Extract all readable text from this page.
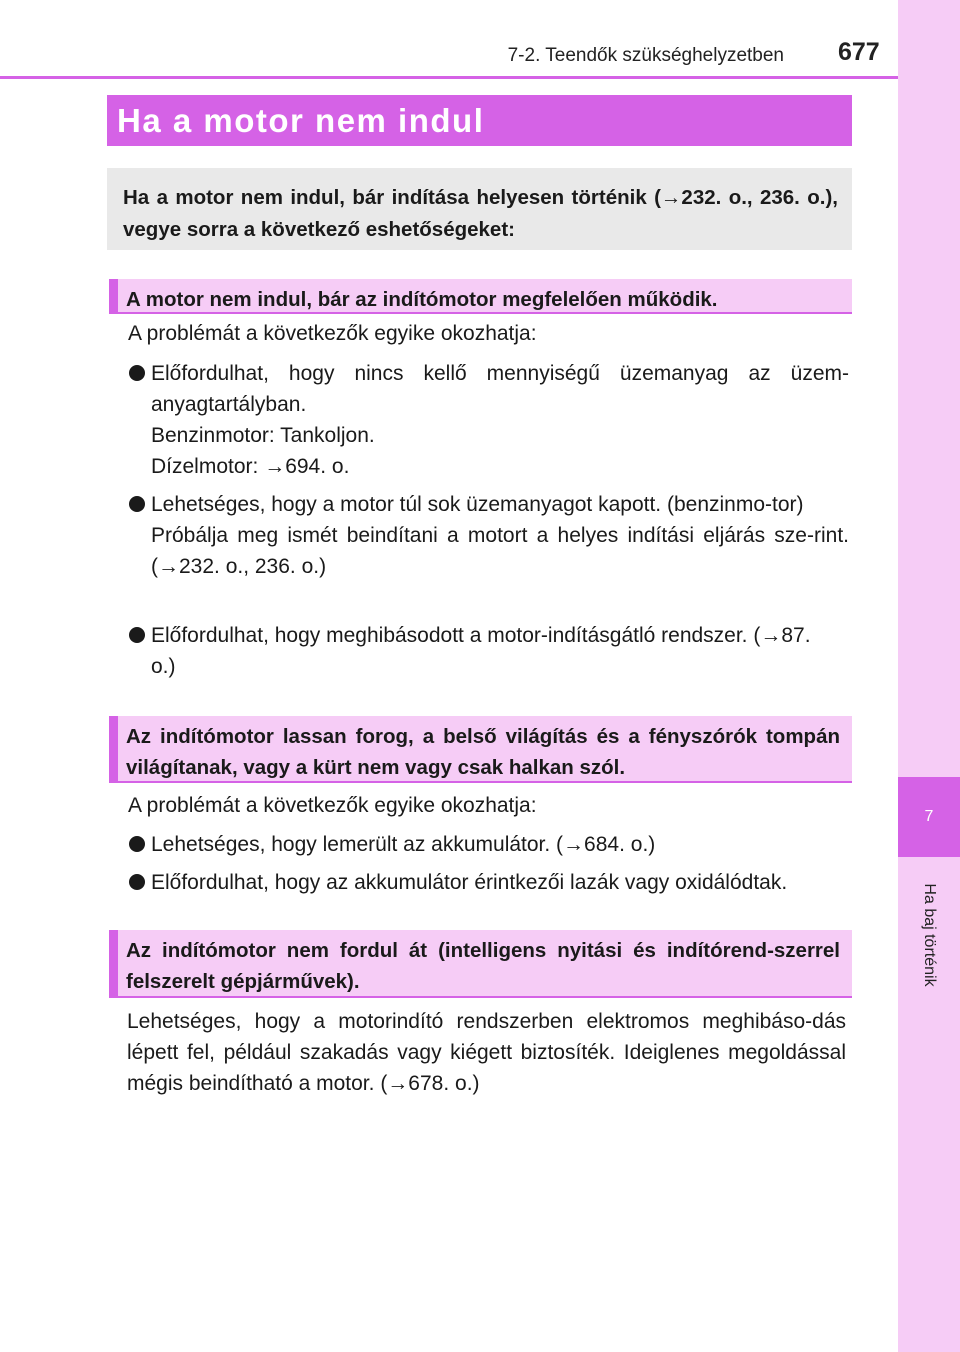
7
Ha baj történik
7-2. Teendők szükséghelyzetben 677
Ha a motor nem indul
Ha a motor nem indul, bár indítása helyesen történik (→232. o., 236. o.), vegye sorra a következő eshetőségeket:
A motor nem indul, bár az indítómotor megfelelően működik.
A problémát a következők egyike okozhatja:
Előfordulhat, hogy nincs kellő mennyiségű üzemanyag az üzem-anyagtartályban.
Benzinmotor: Tankoljon.
Dízelmotor: →694. o.
Lehetséges, hogy a motor túl sok üzemanyagot kapott. (benzinmo-tor)
Próbálja meg ismét beindítani a motort a helyes indítási eljárás sze-rint. (→232. o., 236. o.)
Előfordulhat, hogy meghibásodott a motor-indításgátló rendszer. (→87. o.)
Az indítómotor lassan forog, a belső világítás és a fényszórók tompán világítanak, vagy a kürt nem vagy csak halkan szól.
A problémát a következők egyike okozhatja:
Lehetséges, hogy lemerült az akkumulátor. (→684. o.)
Előfordulhat, hogy az akkumulátor érintkezői lazák vagy oxidálódtak.
Az indítómotor nem fordul át (intelligens nyitási és indítórend-szerrel felszerelt gépjárművek).
Lehetséges, hogy a motorindító rendszerben elektromos meghibáso-dás lépett fel, például szakadás vagy kiégett biztosíték. Ideiglenes megoldással mégis beindítható a motor. (→678. o.)
